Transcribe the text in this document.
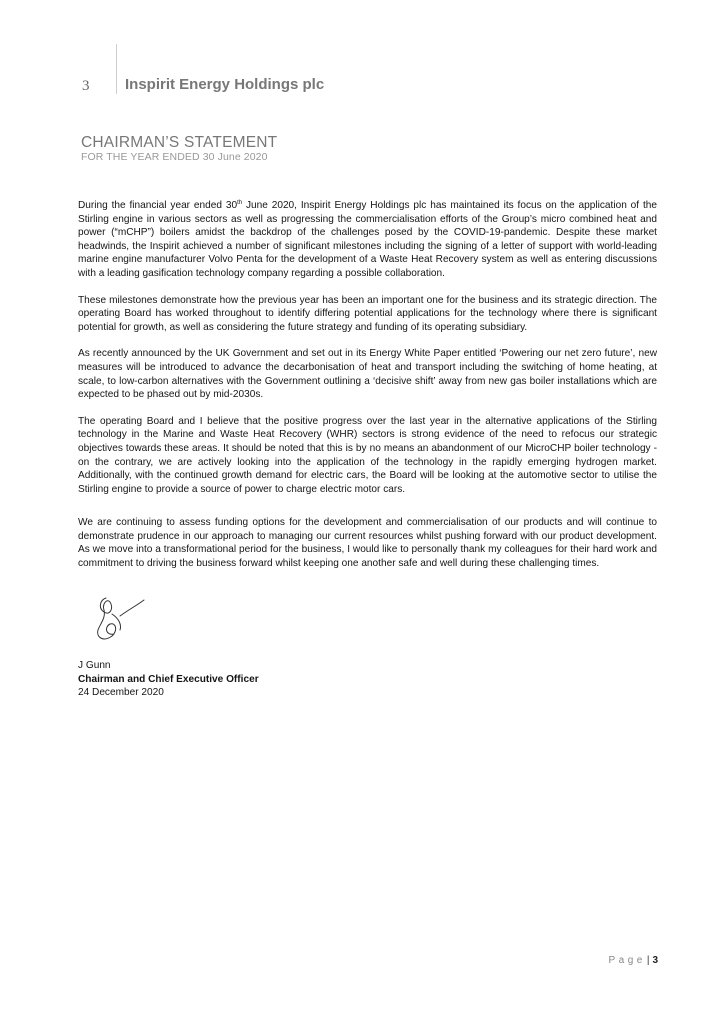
3 Inspirit Energy Holdings plc
CHAIRMAN’S STATEMENT
FOR THE YEAR ENDED 30 June 2020

During the financial year ended 30th June 2020, Inspirit Energy Holdings plc has maintained its focus on the application of the Stirling engine in various sectors as well as progressing the commercialisation efforts of the Group’s micro combined heat and power (“mCHP”) boilers amidst the backdrop of the challenges posed by the COVID-19-pandemic. Despite these market headwinds, the Inspirit achieved a number of significant milestones including the signing of a letter of support with world-leading marine engine manufacturer Volvo Penta for the development of a Waste Heat Recovery system as well as entering discussions with a leading gasification technology company regarding a possible collaboration.

These milestones demonstrate how the previous year has been an important one for the business and its strategic direction. The operating Board has worked throughout to identify differing potential applications for the technology where there is significant potential for growth, as well as considering the future strategy and funding of its operating subsidiary.

As recently announced by the UK Government and set out in its Energy White Paper entitled ‘Powering our net zero future’, new measures will be introduced to advance the decarbonisation of heat and transport including the switching of home heating, at scale, to low-carbon alternatives with the Government outlining a ‘decisive shift’ away from new gas boiler installations which are expected to be phased out by mid-2030s.

The operating Board and I believe that the positive progress over the last year in the alternative applications of the Stirling technology in the Marine and Waste Heat Recovery (WHR) sectors is strong evidence of the need to refocus our strategic objectives towards these areas. It should be noted that this is by no means an abandonment of our MicroCHP boiler technology - on the contrary, we are actively looking into the application of the technology in the rapidly emerging hydrogen market. Additionally, with the continued growth demand for electric cars, the Board will be looking at the automotive sector to utilise the Stirling engine to provide a source of power to charge electric motor cars.

We are continuing to assess funding options for the development and commercialisation of our products and will continue to demonstrate prudence in our approach to managing our current resources whilst pushing forward with our product development. As we move into a transformational period for the business, I would like to personally thank my colleagues for their hard work and commitment to driving the business forward whilst keeping one another safe and well during these challenging times.

J Gunn
Chairman and Chief Executive Officer
24 December 2020
Page| 3
